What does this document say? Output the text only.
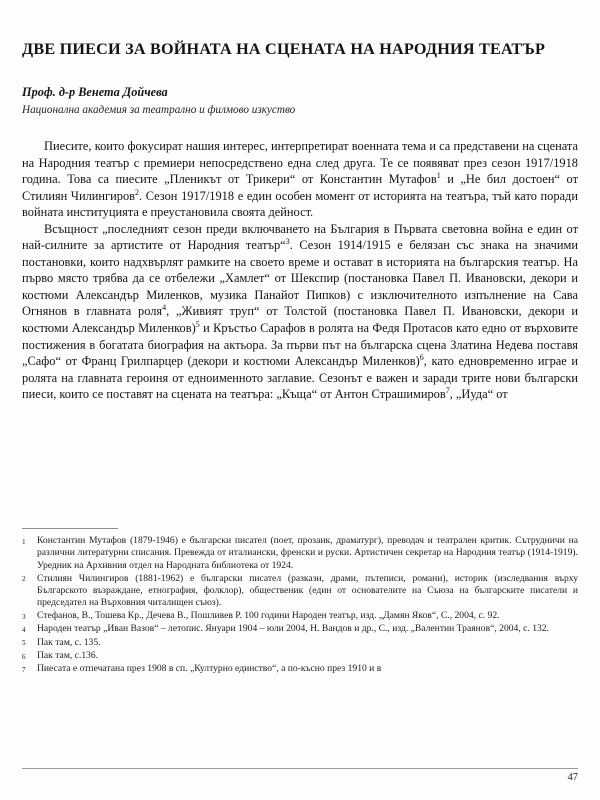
ДВЕ ПИЕСИ ЗА ВОЙНАТА НА СЦЕНАТА НА НАРОДНИЯ ТЕАТЪР
Проф. д-р Венета Дойчева
Национална академия за театрално и филмово изкуство

Пиесите, които фокусират нашия интерес, интерпретират военната тема и са представени на сцената на Народния театър с премиери непосредствено една след друга. Те се появяват през сезон 1917/1918 година. Това са пиесите „Пленикът от Трикери“ от Константин Мутафов$^1$ и „Не бил достоен“ от Стилиян Чилингиров$^2$. Сезон 1917/1918 е един особен момент от историята на театъра, тъй като поради войната институцията е преустановила своята дейност.

Всъщност „последният сезон преди включването на България в Първата световна война е един от най-силните за артистите от Народния театър“$^3$. Сезон 1914/1915 е белязан със знака на значими постановки, които надхвърлят рамките на своето време и остават в историята на българския театър. На първо място трябва да се отбележи „Хамлет“ от Шекспир (постановка Павел П. Ивановски, декори и костюми Александър Миленков, музика Панайот Пипков) с изключителното изпълнение на Сава Огнянов в главната роля$^4$, „Живият труп“ от Толстой (постановка Павел П. Ивановски, декори и костюми Александър Миленков)$^5$ и Кръстьо Сарафов в ролята на Федя Протасов като едно от върховите постижения в богатата биография на актьора. За първи път на българска сцена Златина Недева поставя „Сафо“ от Франц Грилпарцер (декори и костюми Александър Миленков)$^6$, като едновременно играе и ролята на главната героиня от едноименното заглавие. Сезонът е важен и заради трите нови български пиеси, които се поставят на сцената на театъра: „Къща“ от Антон Страшимиров$^7$, „Иуда“ от

1	Константин Мутафов (1879-1946) е български писател (поет, прозаик, драматург), преводач и театрален критик. Сътрудничи на различни литературни списания. Превежда от италиански, френски и руски. Артистичен секретар на Народния театър (1914-1919). Уредник на Архивния отдел на Народната библиотека от 1924.
2	Стилиян Чилингиров (1881-1962) е български писател (разкази, драми, пътеписи, романи), историк (изследвания върху Българското възраждане, етнография, фолклор), общественик (един от основателите на Съюза на българските писатели и председател на Върховния читалищен съюз).
3	Стефанов, В., Тошева Кр., Дечева В., Пошливев Р. 100 години Народен театър, изд. „Дамян Яков“, С., 2004, с. 92.
4	Народен театър „Иван Вазов“ – летопис. Януари 1904 – юли 2004, Н. Вандов и др., С., изд. „Валентин Траянов“, 2004, с. 132.
5	Пак там, с. 135.
6	Пак там, с.136.
7	Пиесата е отпечатана през 1908 в сп. „Културно единство“, а по-късно през 1910 и в
47
